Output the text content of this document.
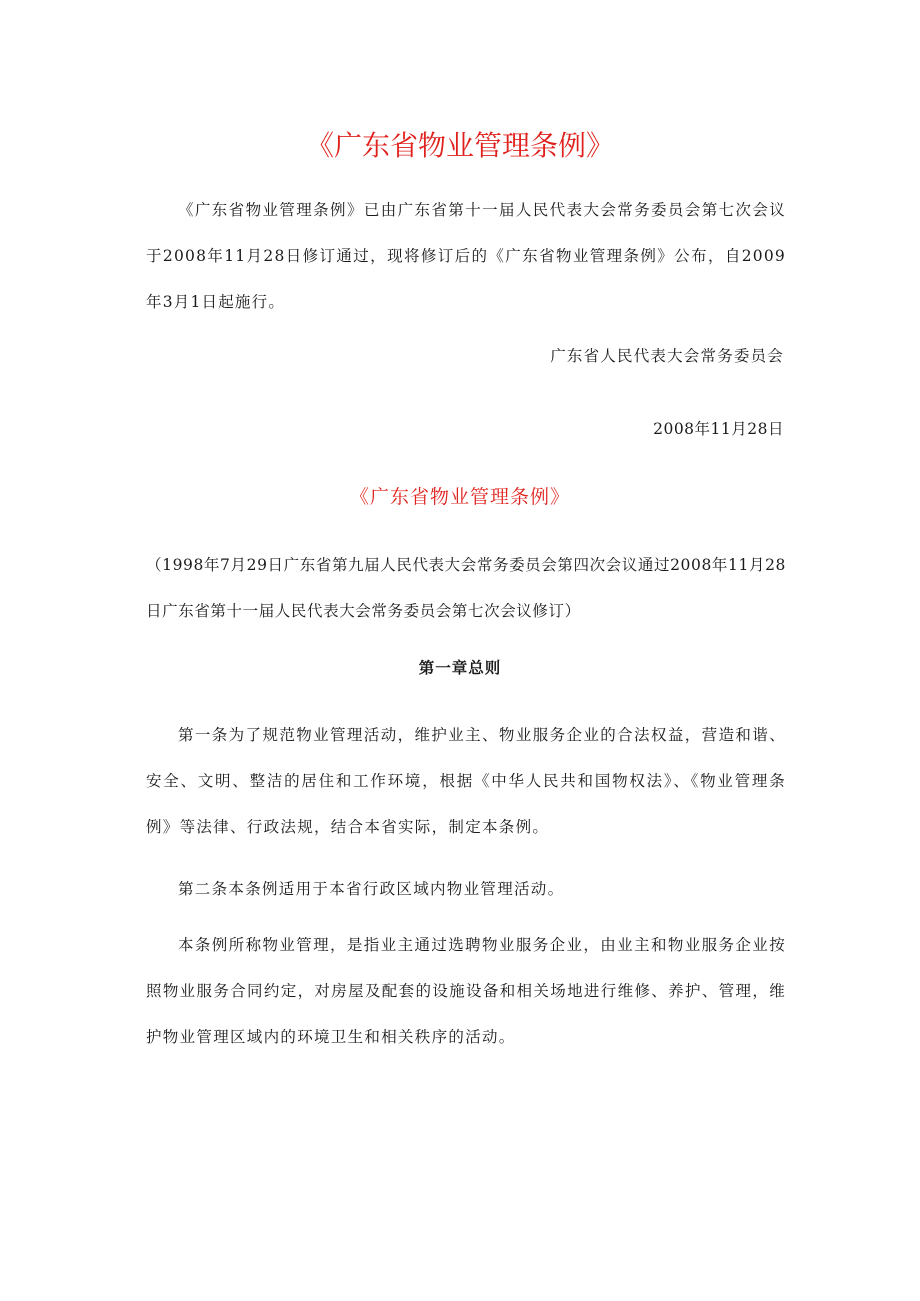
《广东省物业管理条例》

《广东省物业管理条例》已由广东省第十一届人民代表大会常务委员会第七次会议于2008年11月28日修订通过，现将修订后的《广东省物业管理条例》公布，自2009年3月1日起施行。

广东省人民代表大会常务委员会

2008年11月28日

《广东省物业管理条例》

（1998年7月29日广东省第九届人民代表大会常务委员会第四次会议通过2008年11月28日广东省第十一届人民代表大会常务委员会第七次会议修订）

第一章总则

第一条为了规范物业管理活动，维护业主、物业服务企业的合法权益，营造和谐、安全、文明、整洁的居住和工作环境，根据《中华人民共和国物权法》、《物业管理条例》等法律、行政法规，结合本省实际，制定本条例。

第二条本条例适用于本省行政区域内物业管理活动。

本条例所称物业管理，是指业主通过选聘物业服务企业，由业主和物业服务企业按照物业服务合同约定，对房屋及配套的设施设备和相关场地进行维修、养护、管理，维护物业管理区域内的环境卫生和相关秩序的活动。
